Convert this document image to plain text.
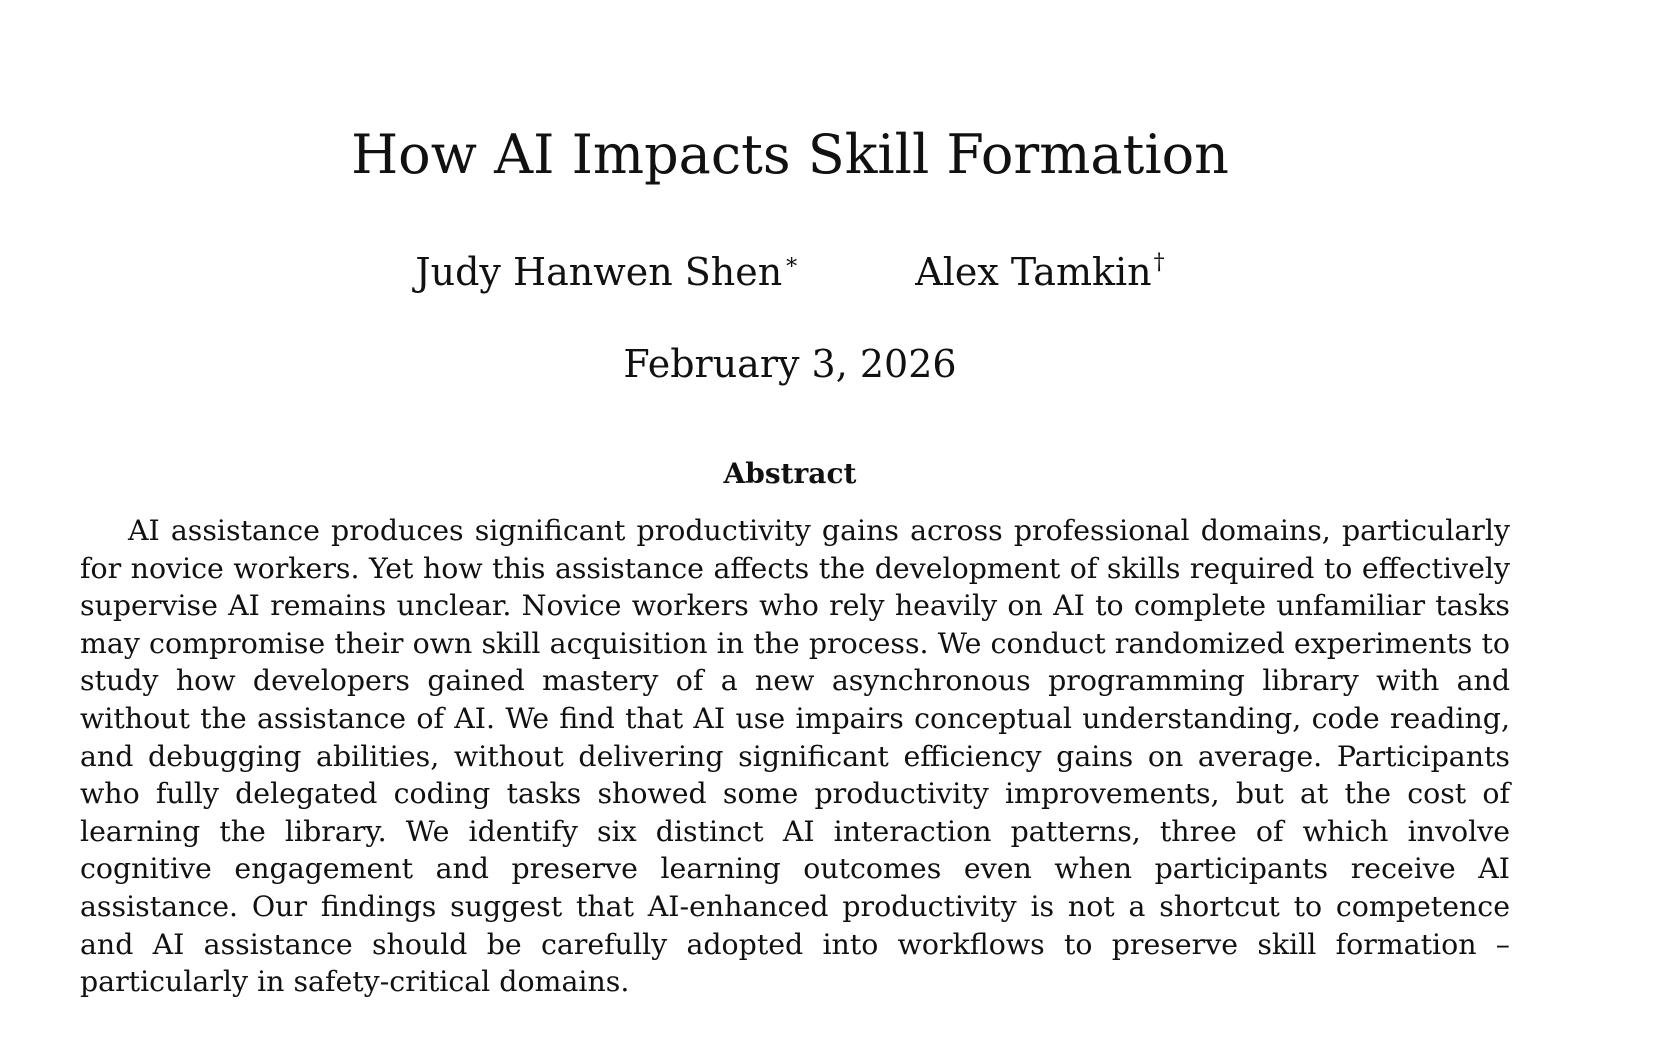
How AI Impacts Skill Formation
Judy Hanwen Shen∗	Alex Tamkin†
February 3, 2026
Abstract

AI assistance produces significant productivity gains across professional domains, particularly for novice workers. Yet how this assistance affects the development of skills required to effectively supervise AI remains unclear. Novice workers who rely heavily on AI to complete unfamiliar tasks may compromise their own skill acquisition in the process. We conduct randomized experiments to study how developers gained mastery of a new asynchronous programming library with and without the assistance of AI. We find that AI use impairs conceptual understanding, code reading, and debugging abilities, without delivering significant efficiency gains on average. Participants who fully delegated coding tasks showed some productivity improvements, but at the cost of learning the library. We identify six distinct AI interaction patterns, three of which involve cognitive engagement and preserve learning outcomes even when participants receive AI assistance. Our findings suggest that AI-enhanced productivity is not a shortcut to competence and AI assistance should be carefully adopted into workflows to preserve skill formation – particularly in safety-critical domains.
